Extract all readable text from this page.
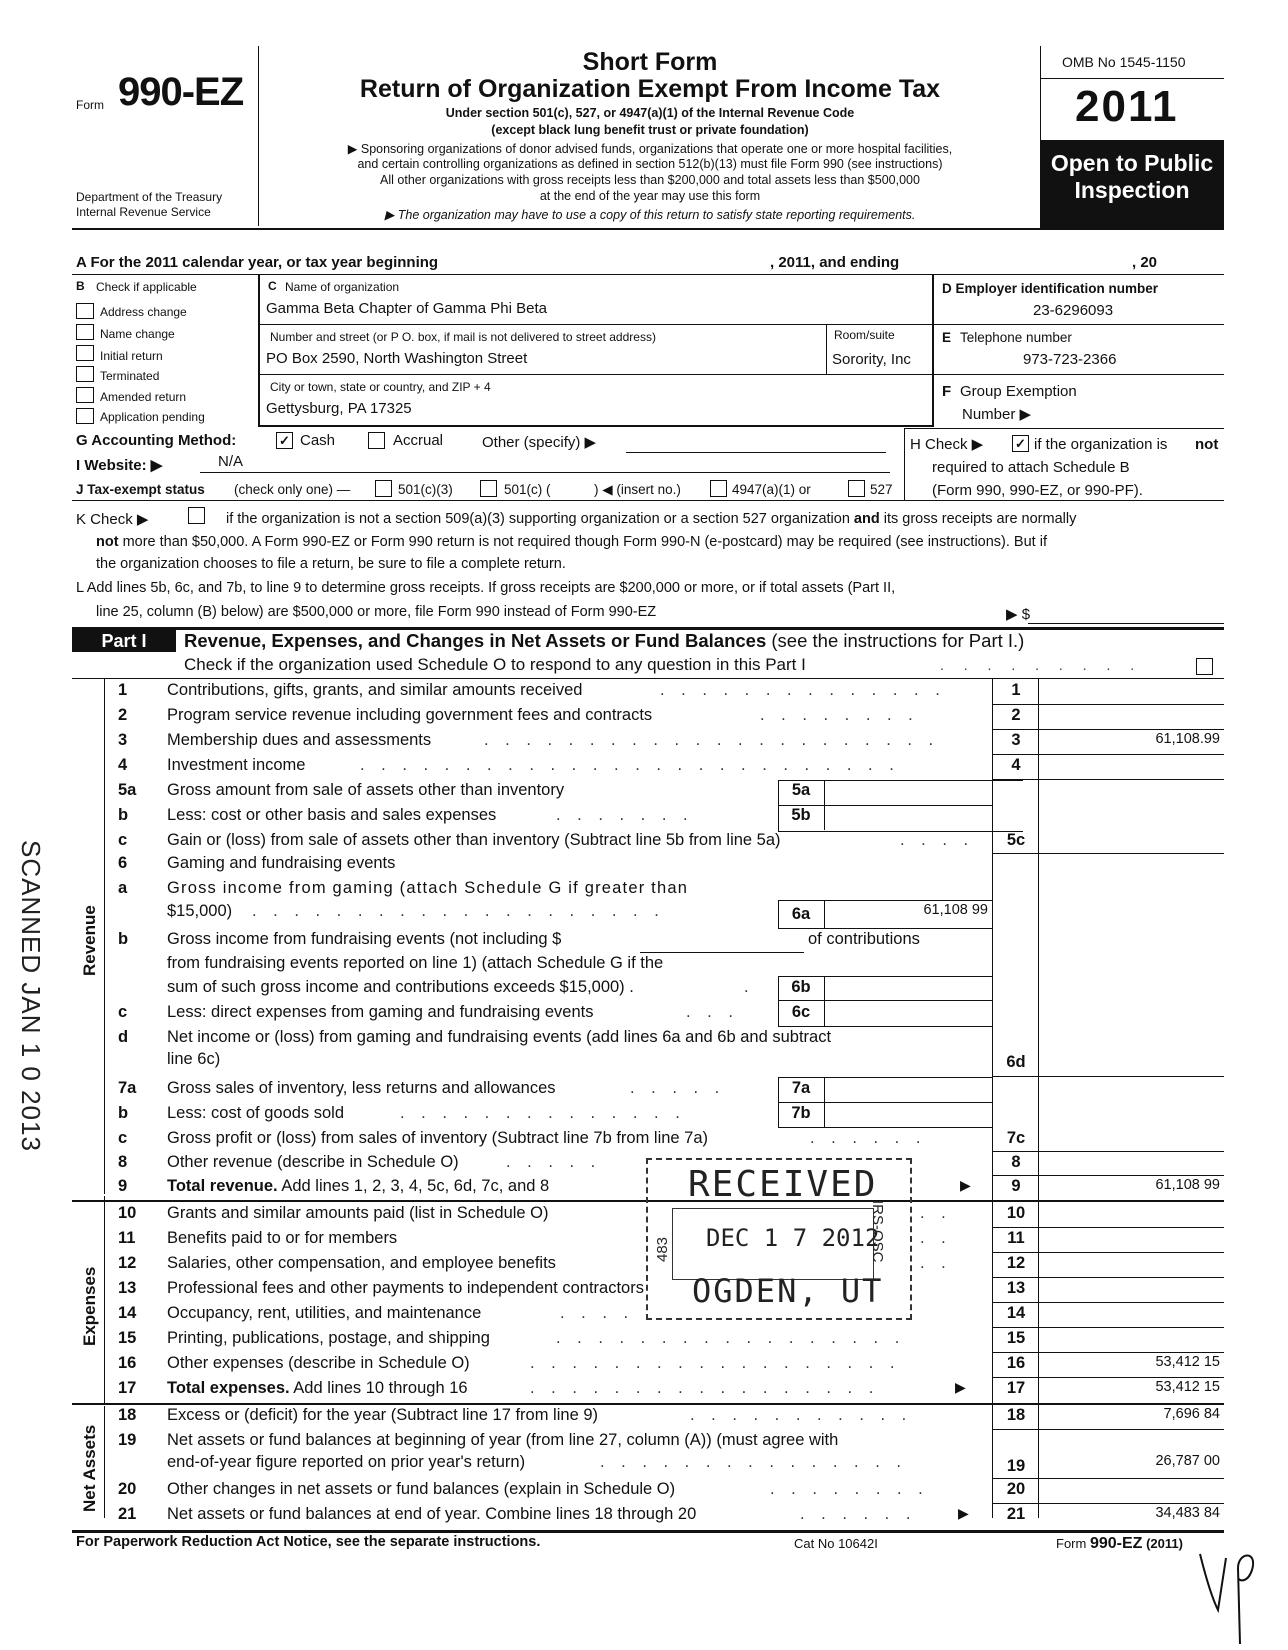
Form 990-EZ
Department of the Treasury
Internal Revenue Service
Short Form
Return of Organization Exempt From Income Tax
Under section 501(c), 527, or 4947(a)(1) of the Internal Revenue Code
(except black lung benefit trust or private foundation)
▶ Sponsoring organizations of donor advised funds, organizations that operate one or more hospital facilities,
and certain controlling organizations as defined in section 512(b)(13) must file Form 990 (see instructions)
All other organizations with gross receipts less than $200,000 and total assets less than $500,000
at the end of the year may use this form
▶ The organization may have to use a copy of this return to satisfy state reporting requirements.
OMB No 1545-1150
2011
Open to Public
Inspection
A For the 2011 calendar year, or tax year beginning	, 2011, and ending	, 20
B Check if applicable
Address change
Name change
Initial return
Terminated
Amended return
Application pending
C Name of organization
Gamma Beta Chapter of Gamma Phi Beta
Number and street (or P O. box, if mail is not delivered to street address)	Room/suite
PO Box 2590, North Washington Street	Sorority, Inc
City or town, state or country, and ZIP + 4
Gettysburg, PA 17325
D Employer identification number
23-6296093
E Telephone number
973-723-2366
F Group Exemption
Number ▶
G Accounting Method:	✓ Cash	Accrual	Other (specify) ▶	H Check ▶ ✓ if the organization is not
required to attach Schedule B
(Form 990, 990-EZ, or 990-PF).
I Website: ▶	N/A
J Tax-exempt status (check only one) —	501(c)(3)	501(c) (	) ◀ (insert no.)	4947(a)(1) or	527
K Check ▶	if the organization is not a section 509(a)(3) supporting organization or a section 527 organization and its gross receipts are normally
not more than $50,000. A Form 990-EZ or Form 990 return is not required though Form 990-N (e-postcard) may be required (see instructions). But if
the organization chooses to file a return, be sure to file a complete return.
L Add lines 5b, 6c, and 7b, to line 9 to determine gross receipts. If gross receipts are $200,000 or more, or if total assets (Part II,
line 25, column (B) below) are $500,000 or more, file Form 990 instead of Form 990-EZ	▶ $
Part I	Revenue, Expenses, and Changes in Net Assets or Fund Balances (see the instructions for Part I.)
Check if the organization used Schedule O to respond to any question in this Part I	. . . . . . . . .
Revenue
Expenses
Net Assets
SCANNED JAN 1 0 2013
1	Contributions, gifts, grants, and similar amounts received	. . . . . . . . . . . . . .	1
2	Program service revenue including government fees and contracts	. . . . . . . .	2
3	Membership dues and assessments	. . . . . . . . . . . . . . . . . . . . . .	3	61,108.99
4	Investment income	. . . . . . . . . . . . . . . . . . . . . . . . . .	4
5a	Gross amount from sale of assets other than inventory	5a
b	Less: cost or other basis and sales expenses	. . . . . . .	5b
c	Gain or (loss) from sale of assets other than inventory (Subtract line 5b from line 5a)	. . . .	5c
6	Gaming and fundraising events
a	Gross income from gaming (attach Schedule G if greater than
$15,000) . . . . . . . . . . . . . . . . . . . .	6a	61,108 99
b	Gross income from fundraising events (not including $	of contributions
from fundraising events reported on line 1) (attach Schedule G if the
sum of such gross income and contributions exceeds $15,000) .	.	6b
c	Less: direct expenses from gaming and fundraising events	. . .	6c
d	Net income or (loss) from gaming and fundraising events (add lines 6a and 6b and subtract
line 6c)	6d
7a	Gross sales of inventory, less returns and allowances	. . . . .	7a
b	Less: cost of goods sold	. . . . . . . . . . . . . .	7b
c	Gross profit or (loss) from sales of inventory (Subtract line 7b from line 7a)	. . . . . .	7c
8	Other revenue (describe in Schedule O)	. . . . .	8
9	Total revenue. Add lines 1, 2, 3, 4, 5c, 6d, 7c, and 8	▶	9	61,108 99
10	Grants and similar amounts paid (list in Schedule O)	. .	10
11	Benefits paid to or for members	. .	11
12	Salaries, other compensation, and employee benefits	. .	12
13	Professional fees and other payments to independent contractors	13
14	Occupancy, rent, utilities, and maintenance	. . . .	14
15	Printing, publications, postage, and shipping	. . . . . . . . . . . . . . . . .	15
16	Other expenses (describe in Schedule O)	. . . . . . . . . . . . . . . . . .	16	53,412 15
17	Total expenses. Add lines 10 through 16	. . . . . . . . . . . . . . . . .	▶	17	53,412 15
18	Excess or (deficit) for the year (Subtract line 17 from line 9)	. . . . . . . . . . .	18	7,696 84
19	Net assets or fund balances at beginning of year (from line 27, column (A)) (must agree with
end-of-year figure reported on prior year's return)	. . . . . . . . . . . . . . .	19	26,787 00
20	Other changes in net assets or fund balances (explain in Schedule O)	. . . . . . . .	20
21	Net assets or fund balances at end of year. Combine lines 18 through 20	. . . . . .	▶	21	34,483 84
RECEIVED
DEC 1 7 2012
OGDEN, UT
483	IRS-OSC
For Paperwork Reduction Act Notice, see the separate instructions.	Cat No 10642I	Form 990-EZ (2011)
